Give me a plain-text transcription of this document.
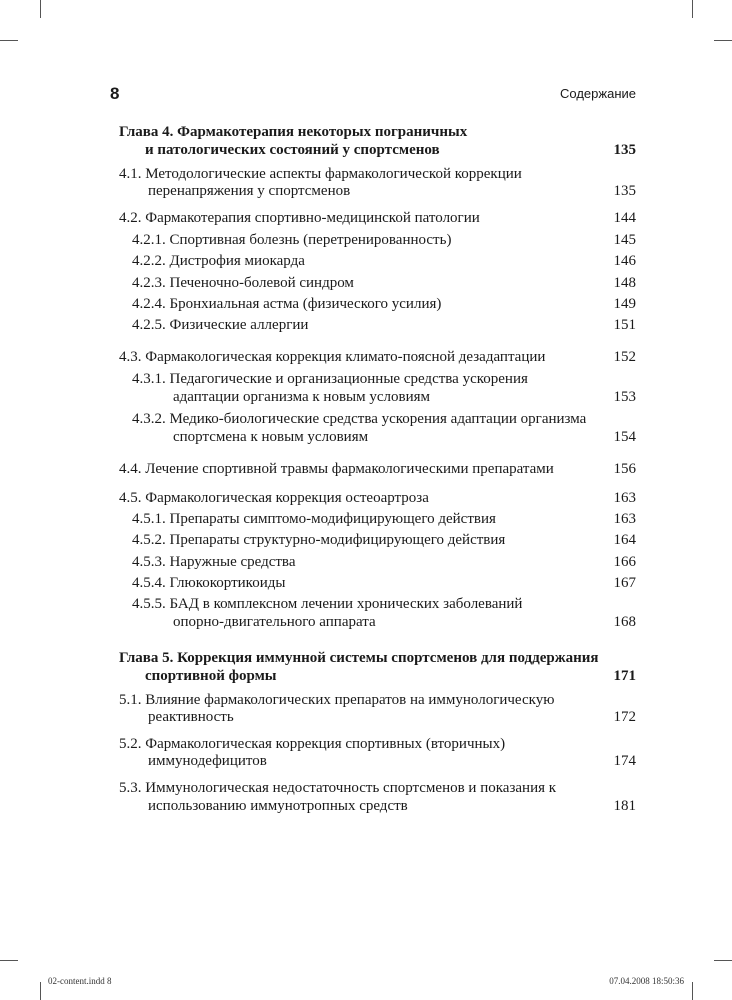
8	Содержание
Глава 4. Фармакотерапия некоторых пограничных
и патологических состояний у спортсменов	135
4.1. Методологические аспекты фармакологической коррекции
перенапряжения у спортсменов	135
4.2. Фармакотерапия спортивно-медицинской патологии	144
4.2.1. Спортивная болезнь (перетренированность)	145
4.2.2. Дистрофия миокарда	146
4.2.3. Печеночно-болевой синдром	148
4.2.4. Бронхиальная астма (физического усилия)	149
4.2.5. Физические аллергии	151
4.3. Фармакологическая коррекция климато-поясной дезадаптации	152
4.3.1. Педагогические и организационные средства ускорения
адаптации организма к новым условиям	153
4.3.2. Медико-биологические средства ускорения адаптации организма
спортсмена к новым условиям	154
4.4. Лечение спортивной травмы фармакологическими препаратами	156
4.5. Фармакологическая коррекция остеоартроза	163
4.5.1. Препараты симптомо-модифицирующего действия	163
4.5.2. Препараты структурно-модифицирующего действия	164
4.5.3. Наружные средства	166
4.5.4. Глюкокортикоиды	167
4.5.5. БАД в комплексном лечении хронических заболеваний
опорно-двигательного аппарата	168
Глава 5. Коррекция иммунной системы спортсменов для поддержания
спортивной формы	171
5.1. Влияние фармакологических препаратов на иммунологическую
реактивность	172
5.2. Фармакологическая коррекция спортивных (вторичных)
иммунодефицитов	174
5.3. Иммунологическая недостаточность спортсменов и показания к
использованию иммунотропных средств	181
02-content.indd 8	07.04.2008 18:50:36
